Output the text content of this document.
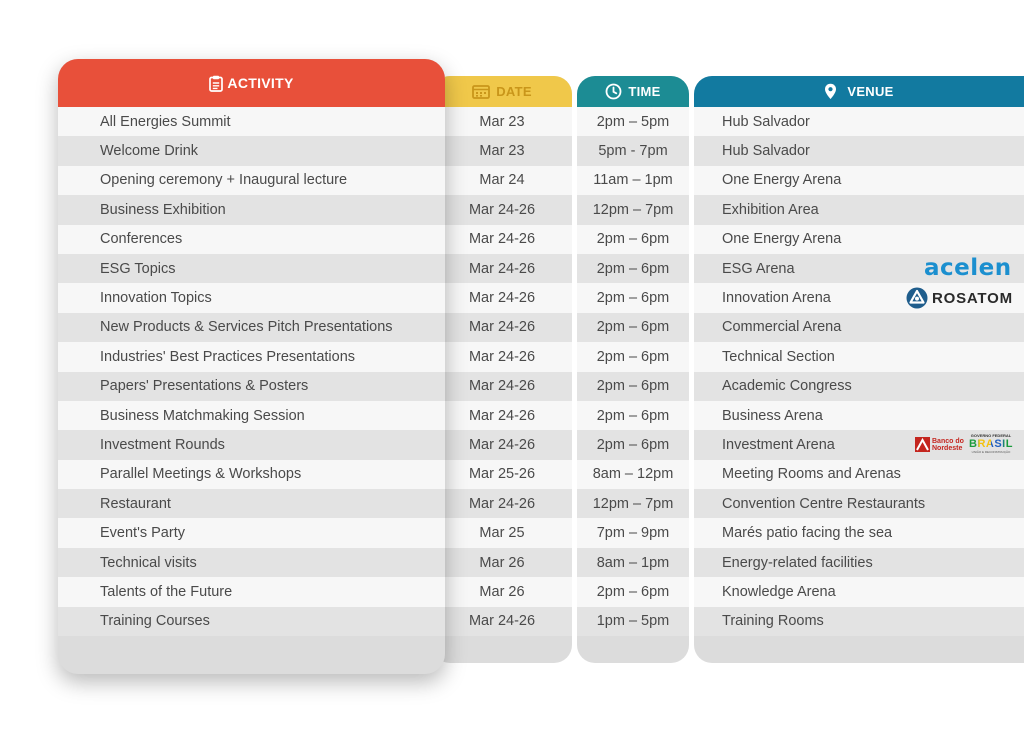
DATE
Mar 23
Mar 23
Mar 24
Mar 24-26
Mar 24-26
Mar 24-26
Mar 24-26
Mar 24-26
Mar 24-26
Mar 24-26
Mar 24-26
Mar 24-26
Mar 25-26
Mar 24-26
Mar 25
Mar 26
Mar 26
Mar 24-26
TIME
2pm – 5pm
5pm - 7pm
11am – 1pm
12pm – 7pm
2pm – 6pm
2pm – 6pm
2pm – 6pm
2pm – 6pm
2pm – 6pm
2pm – 6pm
2pm – 6pm
2pm – 6pm
8am – 12pm
12pm – 7pm
7pm – 9pm
8am – 1pm
2pm – 6pm
1pm – 5pm
VENUE
Hub Salvador
Hub Salvador
One Energy Arena
Exhibition Area
One Energy Arena
ESG Arena
Innovation Arena
Commercial Arena
Technical Section
Academic Congress
Business Arena
Investment Arena
Meeting Rooms and Arenas
Convention Centre Restaurants
Marés patio facing the sea
Energy-related facilities
Knowledge Arena
Training Rooms
ACTIVITY
All Energies Summit
Welcome Drink
Opening ceremony + Inaugural lecture
Business Exhibition
Conferences
ESG Topics
Innovation Topics
New Products & Services Pitch Presentations
Industries' Best Practices Presentations
Papers' Presentations & Posters
Business Matchmaking Session
Investment Rounds
Parallel Meetings & Workshops
Restaurant
Event's Party
Technical visits
Talents of the Future
Training Courses
acelen
ROSATOM
Banco do
Nordeste
GOVERNO FEDERAL
BRASIL
UNIÃO E RECONSTRUÇÃO
